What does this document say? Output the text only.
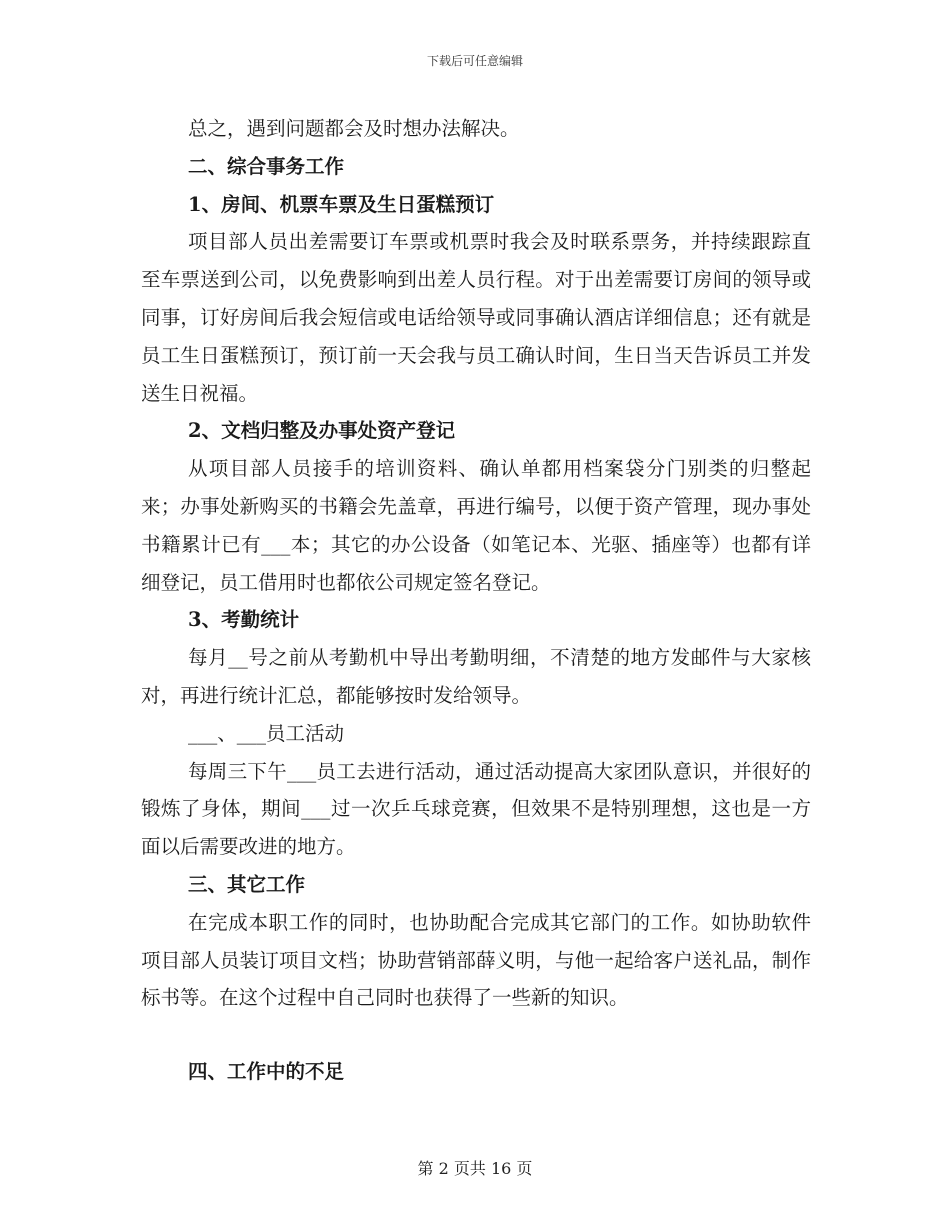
下载后可任意编辑

总之，遇到问题都会及时想办法解决。

二、综合事务工作

1、房间、机票车票及生日蛋糕预订

项目部人员出差需要订车票或机票时我会及时联系票务，并持续跟踪直至车票送到公司，以免费影响到出差人员行程。对于出差需要订房间的领导或同事，订好房间后我会短信或电话给领导或同事确认酒店详细信息；还有就是员工生日蛋糕预订，预订前一天会我与员工确认时间，生日当天告诉员工并发送生日祝福。

2、文档归整及办事处资产登记

从项目部人员接手的培训资料、确认单都用档案袋分门别类的归整起来；办事处新购买的书籍会先盖章，再进行编号，以便于资产管理，现办事处书籍累计已有___本；其它的办公设备（如笔记本、光驱、插座等）也都有详细登记，员工借用时也都依公司规定签名登记。

3、考勤统计

每月__号之前从考勤机中导出考勤明细，不清楚的地方发邮件与大家核对，再进行统计汇总，都能够按时发给领导。

___、___员工活动

每周三下午___员工去进行活动，通过活动提高大家团队意识，并很好的锻炼了身体，期间___过一次乒乓球竞赛，但效果不是特别理想，这也是一方面以后需要改进的地方。

三、其它工作

在完成本职工作的同时，也协助配合完成其它部门的工作。如协助软件项目部人员装订项目文档；协助营销部薛义明，与他一起给客户送礼品，制作标书等。在这个过程中自己同时也获得了一些新的知识。

四、工作中的不足

第 2 页共 16 页
